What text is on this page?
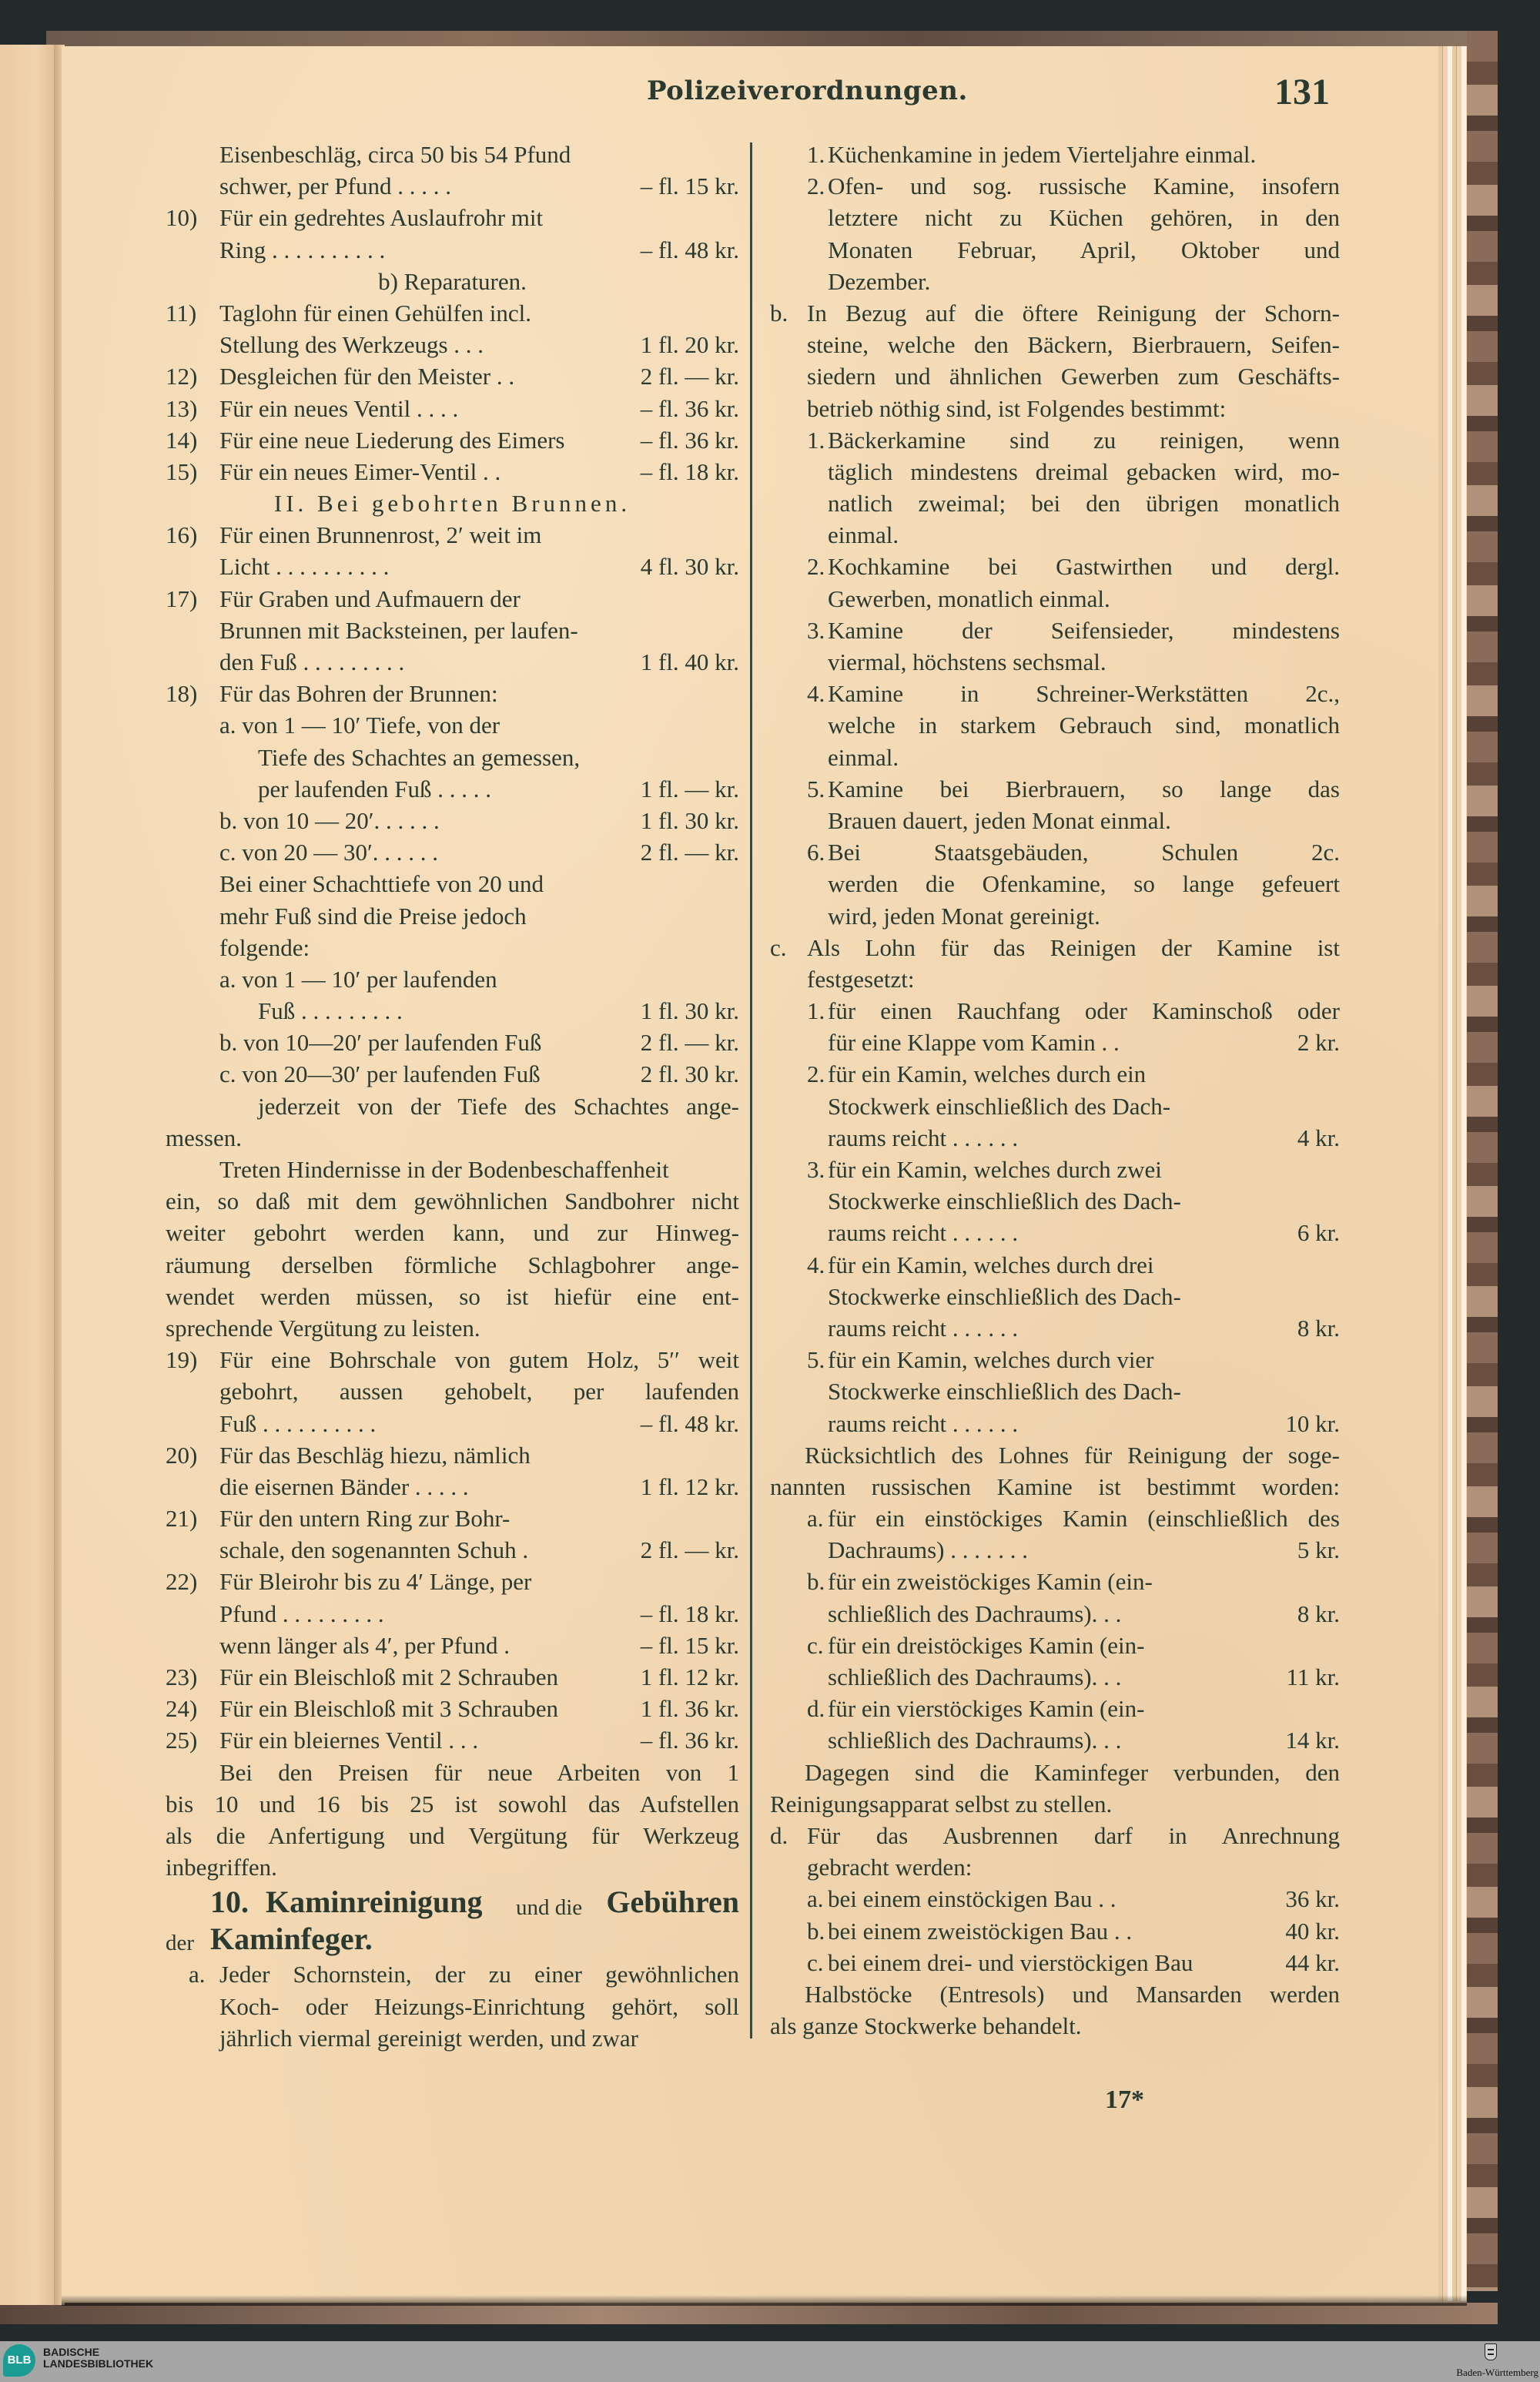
Polizeiverordnungen.	131
Eisenbeschläg, circa 50 bis 54 Pfund
schwer, per Pfund . . . . .	– fl. 15 kr.
10) Für ein gedrehtes Auslaufrohr mit
Ring . . . . . . . . . .	– fl. 48 kr.
b) Reparaturen.
11) Taglohn für einen Gehülfen incl.
Stellung des Werkzeugs . . .	1 fl. 20 kr.
12) Desgleichen für den Meister . .	2 fl. — kr.
13) Für ein neues Ventil . . . .	– fl. 36 kr.
14) Für eine neue Liederung des Eimers	– fl. 36 kr.
15) Für ein neues Eimer-Ventil . .	– fl. 18 kr.
II. Bei gebohrten Brunnen.
16) Für einen Brunnenrost, 2′ weit im
Licht . . . . . . . . . .	4 fl. 30 kr.
17) Für Graben und Aufmauern der
Brunnen mit Backsteinen, per laufen-
den Fuß . . . . . . . . .	1 fl. 40 kr.
18) Für das Bohren der Brunnen:
a. von 1 — 10′ Tiefe, von der
Tiefe des Schachtes an gemessen,
per laufenden Fuß . . . . .	1 fl. — kr.
b. von 10 — 20′. . . . . .	1 fl. 30 kr.
c. von 20 — 30′. . . . . .	2 fl. — kr.
Bei einer Schachttiefe von 20 und
mehr Fuß sind die Preise jedoch
folgende:
a. von 1 — 10′ per laufenden
Fuß . . . . . . . . .	1 fl. 30 kr.
b. von 10—20′ per laufenden Fuß	2 fl. — kr.
c. von 20—30′ per laufenden Fuß	2 fl. 30 kr.
jederzeit von der Tiefe des Schachtes ange-
messen.
Treten Hindernisse in der Bodenbeschaffenheit
ein, so daß mit dem gewöhnlichen Sandbohrer nicht
weiter gebohrt werden kann, und zur Hinweg-
räumung derselben förmliche Schlagbohrer ange-
wendet werden müssen, so ist hiefür eine ent-
sprechende Vergütung zu leisten.
19) Für eine Bohrschale von gutem Holz, 5′′ weit
gebohrt, aussen gehobelt, per laufenden
Fuß . . . . . . . . . .	– fl. 48 kr.
20) Für das Beschläg hiezu, nämlich
die eisernen Bänder . . . . .	1 fl. 12 kr.
21) Für den untern Ring zur Bohr-
schale, den sogenannten Schuh .	2 fl. — kr.
22) Für Bleirohr bis zu 4′ Länge, per
Pfund . . . . . . . . .	– fl. 18 kr.
wenn länger als 4′, per Pfund .	– fl. 15 kr.
23) Für ein Bleischloß mit 2 Schrauben	1 fl. 12 kr.
24) Für ein Bleischloß mit 3 Schrauben	1 fl. 36 kr.
25) Für ein bleiernes Ventil . . .	– fl. 36 kr.
Bei den Preisen für neue Arbeiten von 1
bis 10 und 16 bis 25 ist sowohl das Aufstellen
als die Anfertigung und Vergütung für Werkzeug
inbegriffen.
10. Kaminreinigung und die Gebühren
der Kaminfeger.
a. Jeder Schornstein, der zu einer gewöhnlichen
Koch- oder Heizungs-Einrichtung gehört, soll
jährlich viermal gereinigt werden, und zwar
1. Küchenkamine in jedem Vierteljahre einmal.
2. Ofen- und sog. russische Kamine, insofern
letztere nicht zu Küchen gehören, in den
Monaten Februar, April, Oktober und
Dezember.
b. In Bezug auf die öftere Reinigung der Schorn-
steine, welche den Bäckern, Bierbrauern, Seifen-
siedern und ähnlichen Gewerben zum Geschäfts-
betrieb nöthig sind, ist Folgendes bestimmt:
1. Bäckerkamine sind zu reinigen, wenn
täglich mindestens dreimal gebacken wird, mo-
natlich zweimal; bei den übrigen monatlich
einmal.
2. Kochkamine bei Gastwirthen und dergl.
Gewerben, monatlich einmal.
3. Kamine der Seifensieder, mindestens
viermal, höchstens sechsmal.
4. Kamine in Schreiner-Werkstätten 2c.,
welche in starkem Gebrauch sind, monatlich
einmal.
5. Kamine bei Bierbrauern, so lange das
Brauen dauert, jeden Monat einmal.
6. Bei Staatsgebäuden, Schulen 2c.
werden die Ofenkamine, so lange gefeuert
wird, jeden Monat gereinigt.
c. Als Lohn für das Reinigen der Kamine ist
festgesetzt:
1. für einen Rauchfang oder Kaminschoß oder
für eine Klappe vom Kamin . .	2 kr.
2. für ein Kamin, welches durch ein
Stockwerk einschließlich des Dach-
raums reicht . . . . . .	4 kr.
3. für ein Kamin, welches durch zwei
Stockwerke einschließlich des Dach-
raums reicht . . . . . .	6 kr.
4. für ein Kamin, welches durch drei
Stockwerke einschließlich des Dach-
raums reicht . . . . . .	8 kr.
5. für ein Kamin, welches durch vier
Stockwerke einschließlich des Dach-
raums reicht . . . . . .	10 kr.
Rücksichtlich des Lohnes für Reinigung der soge-
nannten russischen Kamine ist bestimmt worden:
a. für ein einstöckiges Kamin (einschließlich des
Dachraums) . . . . . . .	5 kr.
b. für ein zweistöckiges Kamin (ein-
schließlich des Dachraums). . .	8 kr.
c. für ein dreistöckiges Kamin (ein-
schließlich des Dachraums). . .	11 kr.
d. für ein vierstöckiges Kamin (ein-
schließlich des Dachraums). . .	14 kr.
Dagegen sind die Kaminfeger verbunden, den
Reinigungsapparat selbst zu stellen.
d. Für das Ausbrennen darf in Anrechnung
gebracht werden:
a. bei einem einstöckigen Bau . .	36 kr.
b. bei einem zweistöckigen Bau . .	40 kr.
c. bei einem drei- und vierstöckigen Bau	44 kr.
Halbstöcke (Entresols) und Mansarden werden
als ganze Stockwerke behandelt.
17*
BLB
BADISCHE
LANDESBIBLIOTHEK
Baden-Württemberg
